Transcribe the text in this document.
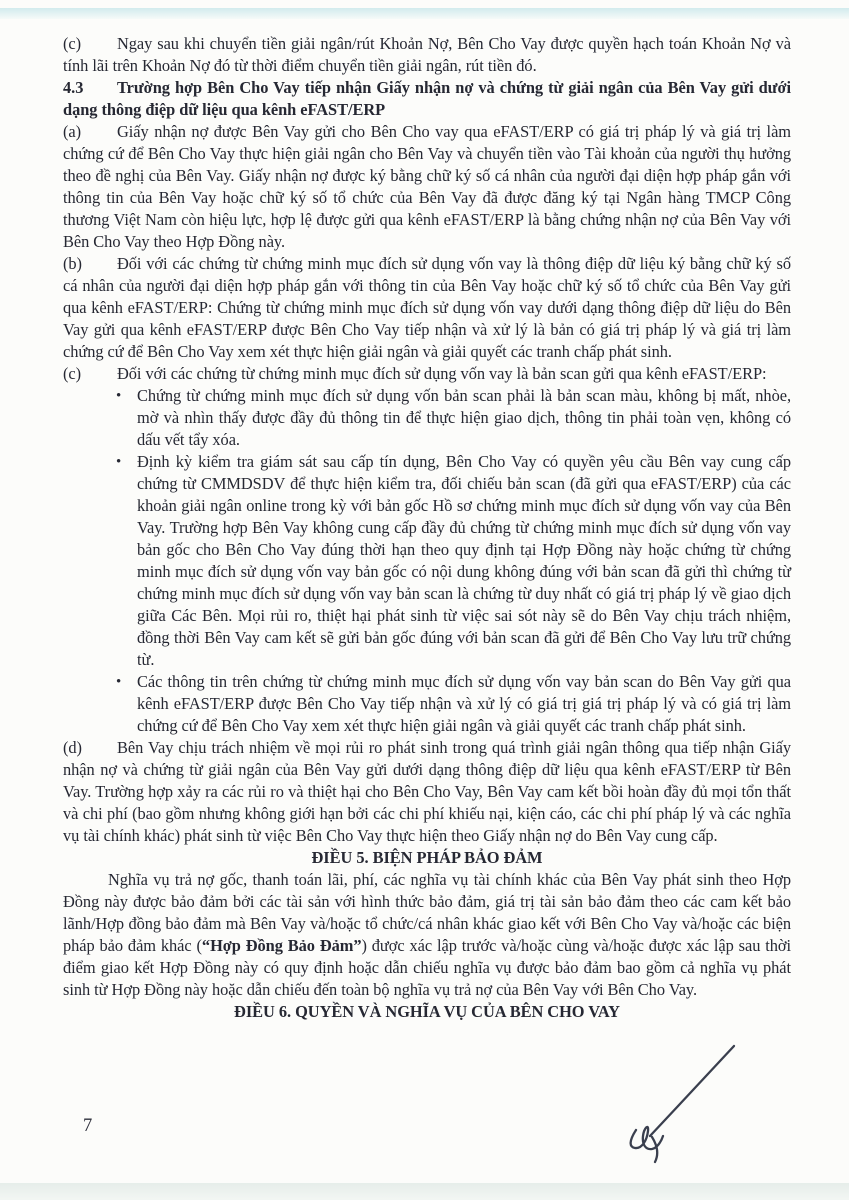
(c) Ngay sau khi chuyển tiền giải ngân/rút Khoản Nợ, Bên Cho Vay được quyền hạch toán Khoản Nợ và tính lãi trên Khoản Nợ đó từ thời điểm chuyển tiền giải ngân, rút tiền đó.

4.3 Trường hợp Bên Cho Vay tiếp nhận Giấy nhận nợ và chứng từ giải ngân của Bên Vay gửi dưới dạng thông điệp dữ liệu qua kênh eFAST/ERP

(a) Giấy nhận nợ được Bên Vay gửi cho Bên Cho vay qua eFAST/ERP có giá trị pháp lý và giá trị làm chứng cứ để Bên Cho Vay thực hiện giải ngân cho Bên Vay và chuyển tiền vào Tài khoản của người thụ hưởng theo đề nghị của Bên Vay. Giấy nhận nợ được ký bằng chữ ký số cá nhân của người đại diện hợp pháp gắn với thông tin của Bên Vay hoặc chữ ký số tổ chức của Bên Vay đã được đăng ký tại Ngân hàng TMCP Công thương Việt Nam còn hiệu lực, hợp lệ được gửi qua kênh eFAST/ERP là bằng chứng nhận nợ của Bên Vay với Bên Cho Vay theo Hợp Đồng này.

(b) Đối với các chứng từ chứng minh mục đích sử dụng vốn vay là thông điệp dữ liệu ký bằng chữ ký số cá nhân của người đại diện hợp pháp gắn với thông tin của Bên Vay hoặc chữ ký số tổ chức của Bên Vay gửi qua kênh eFAST/ERP: Chứng từ chứng minh mục đích sử dụng vốn vay dưới dạng thông điệp dữ liệu do Bên Vay gửi qua kênh eFAST/ERP được Bên Cho Vay tiếp nhận và xử lý là bản có giá trị pháp lý và giá trị làm chứng cứ để Bên Cho Vay xem xét thực hiện giải ngân và giải quyết các tranh chấp phát sinh.

(c) Đối với các chứng từ chứng minh mục đích sử dụng vốn vay là bản scan gửi qua kênh eFAST/ERP:

• Chứng từ chứng minh mục đích sử dụng vốn bản scan phải là bản scan màu, không bị mất, nhòe, mờ và nhìn thấy được đầy đủ thông tin để thực hiện giao dịch, thông tin phải toàn vẹn, không có dấu vết tẩy xóa.
• Định kỳ kiểm tra giám sát sau cấp tín dụng, Bên Cho Vay có quyền yêu cầu Bên vay cung cấp chứng từ CMMDSDV để thực hiện kiểm tra, đối chiếu bản scan (đã gửi qua eFAST/ERP) của các khoản giải ngân online trong kỳ với bản gốc Hồ sơ chứng minh mục đích sử dụng vốn vay của Bên Vay. Trường hợp Bên Vay không cung cấp đầy đủ chứng từ chứng minh mục đích sử dụng vốn vay bản gốc cho Bên Cho Vay đúng thời hạn theo quy định tại Hợp Đồng này hoặc chứng từ chứng minh mục đích sử dụng vốn vay bản gốc có nội dung không đúng với bản scan đã gửi thì chứng từ chứng minh mục đích sử dụng vốn vay bản scan là chứng từ duy nhất có giá trị pháp lý về giao dịch giữa Các Bên. Mọi rủi ro, thiệt hại phát sinh từ việc sai sót này sẽ do Bên Vay chịu trách nhiệm, đồng thời Bên Vay cam kết sẽ gửi bản gốc đúng với bản scan đã gửi để Bên Cho Vay lưu trữ chứng từ.
• Các thông tin trên chứng từ chứng minh mục đích sử dụng vốn vay bản scan do Bên Vay gửi qua kênh eFAST/ERP được Bên Cho Vay tiếp nhận và xử lý có giá trị giá trị pháp lý và có giá trị làm chứng cứ để Bên Cho Vay xem xét thực hiện giải ngân và giải quyết các tranh chấp phát sinh.

(d) Bên Vay chịu trách nhiệm về mọi rủi ro phát sinh trong quá trình giải ngân thông qua tiếp nhận Giấy nhận nợ và chứng từ giải ngân của Bên Vay gửi dưới dạng thông điệp dữ liệu qua kênh eFAST/ERP từ Bên Vay. Trường hợp xảy ra các rủi ro và thiệt hại cho Bên Cho Vay, Bên Vay cam kết bồi hoàn đầy đủ mọi tổn thất và chi phí (bao gồm nhưng không giới hạn bởi các chi phí khiếu nại, kiện cáo, các chi phí pháp lý và các nghĩa vụ tài chính khác) phát sinh từ việc Bên Cho Vay thực hiện theo Giấy nhận nợ do Bên Vay cung cấp.

ĐIỀU 5. BIỆN PHÁP BẢO ĐẢM

Nghĩa vụ trả nợ gốc, thanh toán lãi, phí, các nghĩa vụ tài chính khác của Bên Vay phát sinh theo Hợp Đồng này được bảo đảm bởi các tài sản với hình thức bảo đảm, giá trị tài sản bảo đảm theo các cam kết bảo lãnh/Hợp đồng bảo đảm mà Bên Vay và/hoặc tổ chức/cá nhân khác giao kết với Bên Cho Vay và/hoặc các biện pháp bảo đảm khác (“Hợp Đồng Bảo Đảm”) được xác lập trước và/hoặc cùng và/hoặc được xác lập sau thời điểm giao kết Hợp Đồng này có quy định hoặc dẫn chiếu nghĩa vụ được bảo đảm bao gồm cả nghĩa vụ phát sinh từ Hợp Đồng này hoặc dẫn chiếu đến toàn bộ nghĩa vụ trả nợ của Bên Vay với Bên Cho Vay.

ĐIỀU 6. QUYỀN VÀ NGHĨA VỤ CỦA BÊN CHO VAY

7
